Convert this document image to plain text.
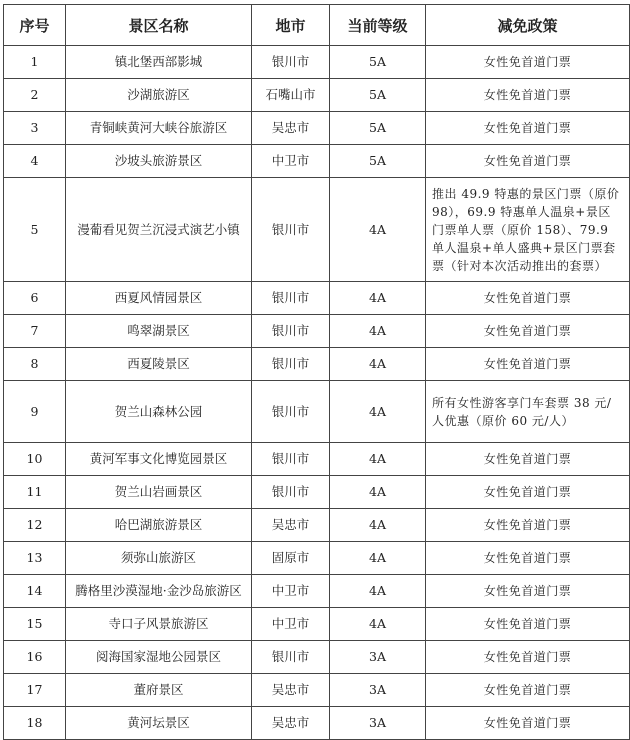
序号	景区名称	地市	当前等级	减免政策
1	镇北堡西部影城	银川市	5A	女性免首道门票
2	沙湖旅游区	石嘴山市	5A	女性免首道门票
3	青铜峡黄河大峡谷旅游区	吴忠市	5A	女性免首道门票
4	沙坡头旅游景区	中卫市	5A	女性免首道门票
5	漫葡看见贺兰沉浸式演艺小镇	银川市	4A	推出 49.9 特惠的景区门票（原价 98），69.9 特惠单人温泉+景区门票单人票（原价 158）、79.9 单人温泉+单人盛典+景区门票套票（针对本次活动推出的套票）
6	西夏风情园景区	银川市	4A	女性免首道门票
7	鸣翠湖景区	银川市	4A	女性免首道门票
8	西夏陵景区	银川市	4A	女性免首道门票
9	贺兰山森林公园	银川市	4A	所有女性游客享门车套票 38 元/人优惠（原价 60 元/人）
10	黄河军事文化博览园景区	银川市	4A	女性免首道门票
11	贺兰山岩画景区	银川市	4A	女性免首道门票
12	哈巴湖旅游景区	吴忠市	4A	女性免首道门票
13	须弥山旅游区	固原市	4A	女性免首道门票
14	腾格里沙漠湿地·金沙岛旅游区	中卫市	4A	女性免首道门票
15	寺口子风景旅游区	中卫市	4A	女性免首道门票
16	阅海国家湿地公园景区	银川市	3A	女性免首道门票
17	董府景区	吴忠市	3A	女性免首道门票
18	黄河坛景区	吴忠市	3A	女性免首道门票
